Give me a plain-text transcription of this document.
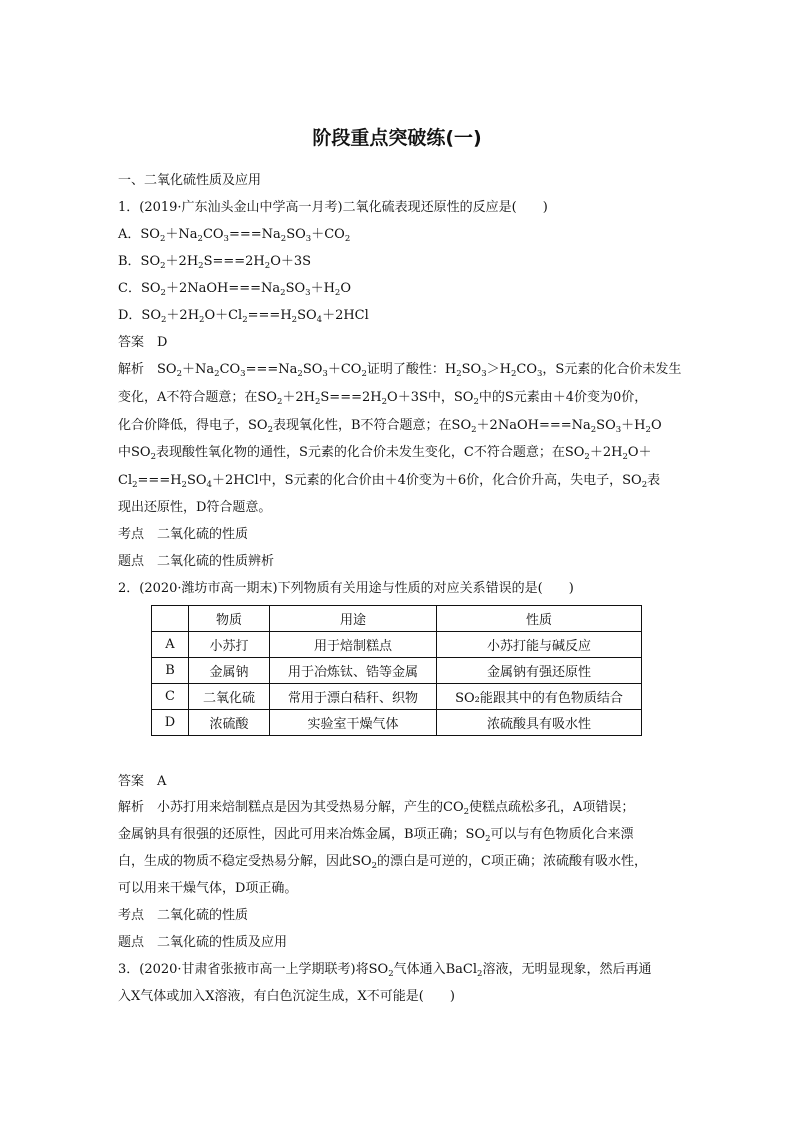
阶段重点突破练(一)
一、二氧化硫性质及应用
1．(2019·广东汕头金山中学高一月考)二氧化硫表现还原性的反应是(　　)
A．$SO_2+Na_2CO_3===Na_2SO_3+CO_2$
B．$SO_2+2H_2S===2H_2O+3S$
C．$SO_2+2NaOH===Na_2SO_3+H_2O$
D．$SO_2+2H_2O+Cl_2===H_2SO_4+2HCl$
答案　D
解析　$SO_2+Na_2CO_3===Na_2SO_3+CO_2$证明了酸性：$H_2SO_3>H_2CO_3$，S元素的化合价未发生
变化，A不符合题意；在$SO_2+2H_2S===2H_2O+3S$中，$SO_2$中的S元素由＋4价变为0价，
化合价降低，得电子，$SO_2$表现氧化性，B不符合题意；在$SO_2+2NaOH===Na_2SO_3+H_2O$
中$SO_2$表现酸性氧化物的通性，S元素的化合价未发生变化，C不符合题意；在$SO_2+2H_2O+$
$Cl_2===H_2SO_4+2HCl$中，S元素的化合价由＋4价变为＋6价，化合价升高，失电子，$SO_2$表
现出还原性，D符合题意。
考点　二氧化硫的性质
题点　二氧化硫的性质辨析
2．(2020·潍坊市高一期末)下列物质有关用途与性质的对应关系错误的是(　　)
	物质	用途	性质
A	小苏打	用于焙制糕点	小苏打能与碱反应
B	金属钠	用于冶炼钛、锆等金属	金属钠有强还原性
C	二氧化硫	常用于漂白秸秆、织物	SO₂能跟其中的有色物质结合
D	浓硫酸	实验室干燥气体	浓硫酸具有吸水性
答案　A
解析　小苏打用来焙制糕点是因为其受热易分解，产生的$CO_2$使糕点疏松多孔，A项错误；
金属钠具有很强的还原性，因此可用来冶炼金属，B项正确；$SO_2$可以与有色物质化合来漂
白，生成的物质不稳定受热易分解，因此$SO_2$的漂白是可逆的，C项正确；浓硫酸有吸水性，
可以用来干燥气体，D项正确。
考点　二氧化硫的性质
题点　二氧化硫的性质及应用
3．(2020·甘肃省张掖市高一上学期联考)将$SO_2$气体通入BaCl$_2$溶液，无明显现象，然后再通
入X气体或加入X溶液，有白色沉淀生成，X不可能是(　　)
